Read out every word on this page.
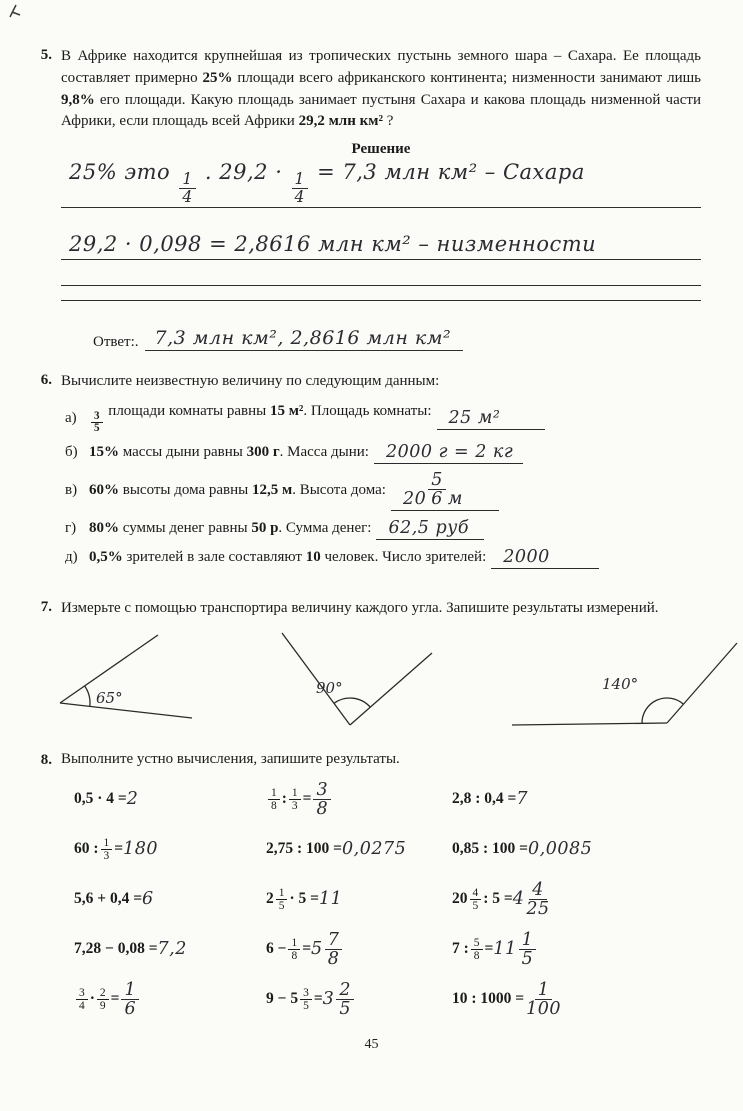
5. В Африке находится крупнейшая из тропических пустынь земного шара – Сахара. Ее площадь составляет примерно 25% площади всего африканского континента; низменности занимают лишь 9,8% его площади. Какую площадь занимает пустыня Сахара и какова площадь низменной части Африки, если площадь всей Африки 29,2 млн км² ?

Решение
25% это $\frac{1}{4}$ . $29,2 \cdot \frac{1}{4} = 7,3$ млн км² – Сахара
29,2 · 0,098 = 2,8616 млн км² – низменности
Ответ:. 7,3 млн км², 2,8616 млн км²
6. Вычислите неизвестную величину по следующим данным:

а)	$\frac{3}{5}$ площади комнаты равны 15 м². Площадь комнаты: 25 м²
б) 15% массы дыни равны 300 г. Масса дыни: 2000 г = 2 кг
в) 60% высоты дома равны 12,5 м. Высота дома: $20 \frac{5}{6}$ м
г) 80% суммы денег равны 50 р. Сумма денег: 62,5 руб
д) 0,5% зрителей в зале составляют 10 человек. Число зрителей: 2000
7. Измерьте с помощью транспортира величину каждого угла. Запишите результаты измерений.

65°
90°	140°
8. Выполните устно вычисления, запишите результаты.

0,5 · 4 = 2
60 : $\frac{1}{3} = 180$
5,6 + 0,4 = 6
7,28 − 0,08 = 7,2
$\frac{3}{4} \cdot \frac{2}{9} = \frac{1}{6}$
$\frac{1}{8}$ : $\frac{1}{3} = \frac{3}{8}$
2,75 : 100 = 0,0275
$2 \frac{1}{5} \cdot 5 = 11$
$6 - \frac{1}{8} = 5 \frac{7}{8}$
$9 - 5 \frac{3}{5} = 3 \frac{2}{5}$
2,8 : 0,4 = 7
0,85 : 100 = 0,0085
$20 \frac{4}{5}$ : $5 = 4 \frac{4}{25}$
7 : $\frac{5}{8} = 11 \frac{1}{5}$
10 : $1000 = \frac{1}{100}$
45
